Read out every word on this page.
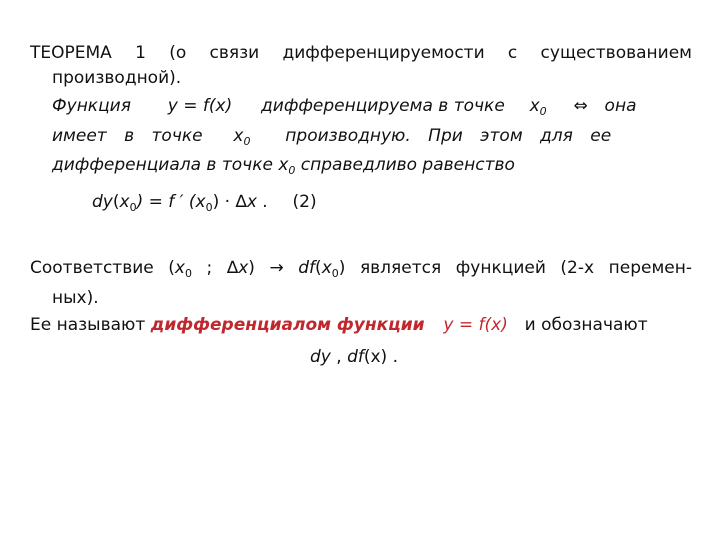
ТЕОРЕМА 1 (о связи дифференцируемости с существованием
производной).
Функция y = f(x) дифференцируема в точке $x_0$ ⇔ она
имеет в точке $x_0$ производную. При этом для ее
дифференциала в точке $x_0$ справедливо равенство
$dy(x_0) = f$ ′ $(x_0) \cdot \Delta x$ . (2)
Соответствие ($x_0$ ; $\Delta x) \to df(x_0)$ является функцией (2-х перемен-
ных).
Ее называют дифференциалом функции y = f(x) и обозначают
dy , df(x) .
